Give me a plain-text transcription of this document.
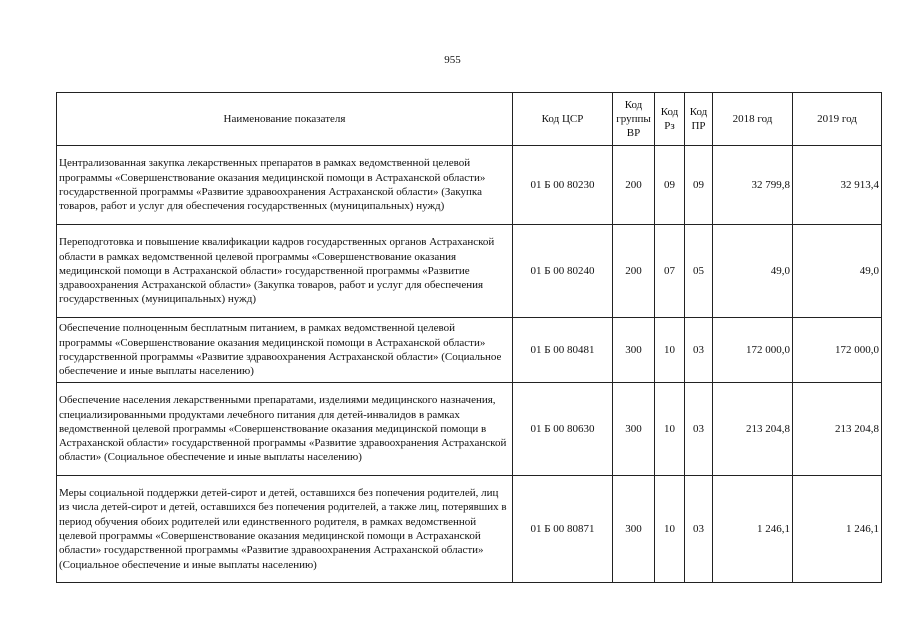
955
Наименование показателя	Код ЦСР	Код группы ВР	Код Рз	Код ПР	2018 год	2019 год
Централизованная закупка лекарственных препаратов в рамках ведомственной целевой программы «Совершенствование оказания медицинской помощи в Астраханской области» государственной программы «Развитие здравоохранения Астраханской области» (Закупка товаров, работ и услуг для обеспечения государственных (муниципальных) нужд)	01 Б 00 80230	200	09	09	32 799,8	32 913,4
Переподготовка и повышение квалификации кадров государственных органов Астраханской области в рамках ведомственной целевой программы «Совершенствование оказания медицинской помощи в Астраханской области» государственной программы «Развитие здравоохранения Астраханской области» (Закупка товаров, работ и услуг для обеспечения государственных (муниципальных) нужд)	01 Б 00 80240	200	07	05	49,0	49,0
Обеспечение полноценным бесплатным питанием, в рамках ведомственной целевой программы «Совершенствование оказания медицинской помощи в Астраханской области» государственной программы «Развитие здравоохранения Астраханской области» (Социальное обеспечение и иные выплаты населению)	01 Б 00 80481	300	10	03	172 000,0	172 000,0
Обеспечение населения лекарственными препаратами, изделиями медицинского назначения, специализированными продуктами лечебного питания для детей-инвалидов в рамках ведомственной целевой программы «Совершенствование оказания медицинской помощи в Астраханской области» государственной программы «Развитие здравоохранения Астраханской области» (Социальное обеспечение и иные выплаты населению)	01 Б 00 80630	300	10	03	213 204,8	213 204,8
Меры социальной поддержки детей-сирот и детей, оставшихся без попечения родителей, лиц из числа детей-сирот и детей, оставшихся без попечения родителей, а также лиц, потерявших в период обучения обоих родителей или единственного родителя, в рамках ведомственной целевой программы «Совершенствование оказания медицинской помощи в Астраханской области» государственной программы «Развитие здравоохранения Астраханской области» (Социальное обеспечение и иные выплаты населению)	01 Б 00 80871	300	10	03	1 246,1	1 246,1
